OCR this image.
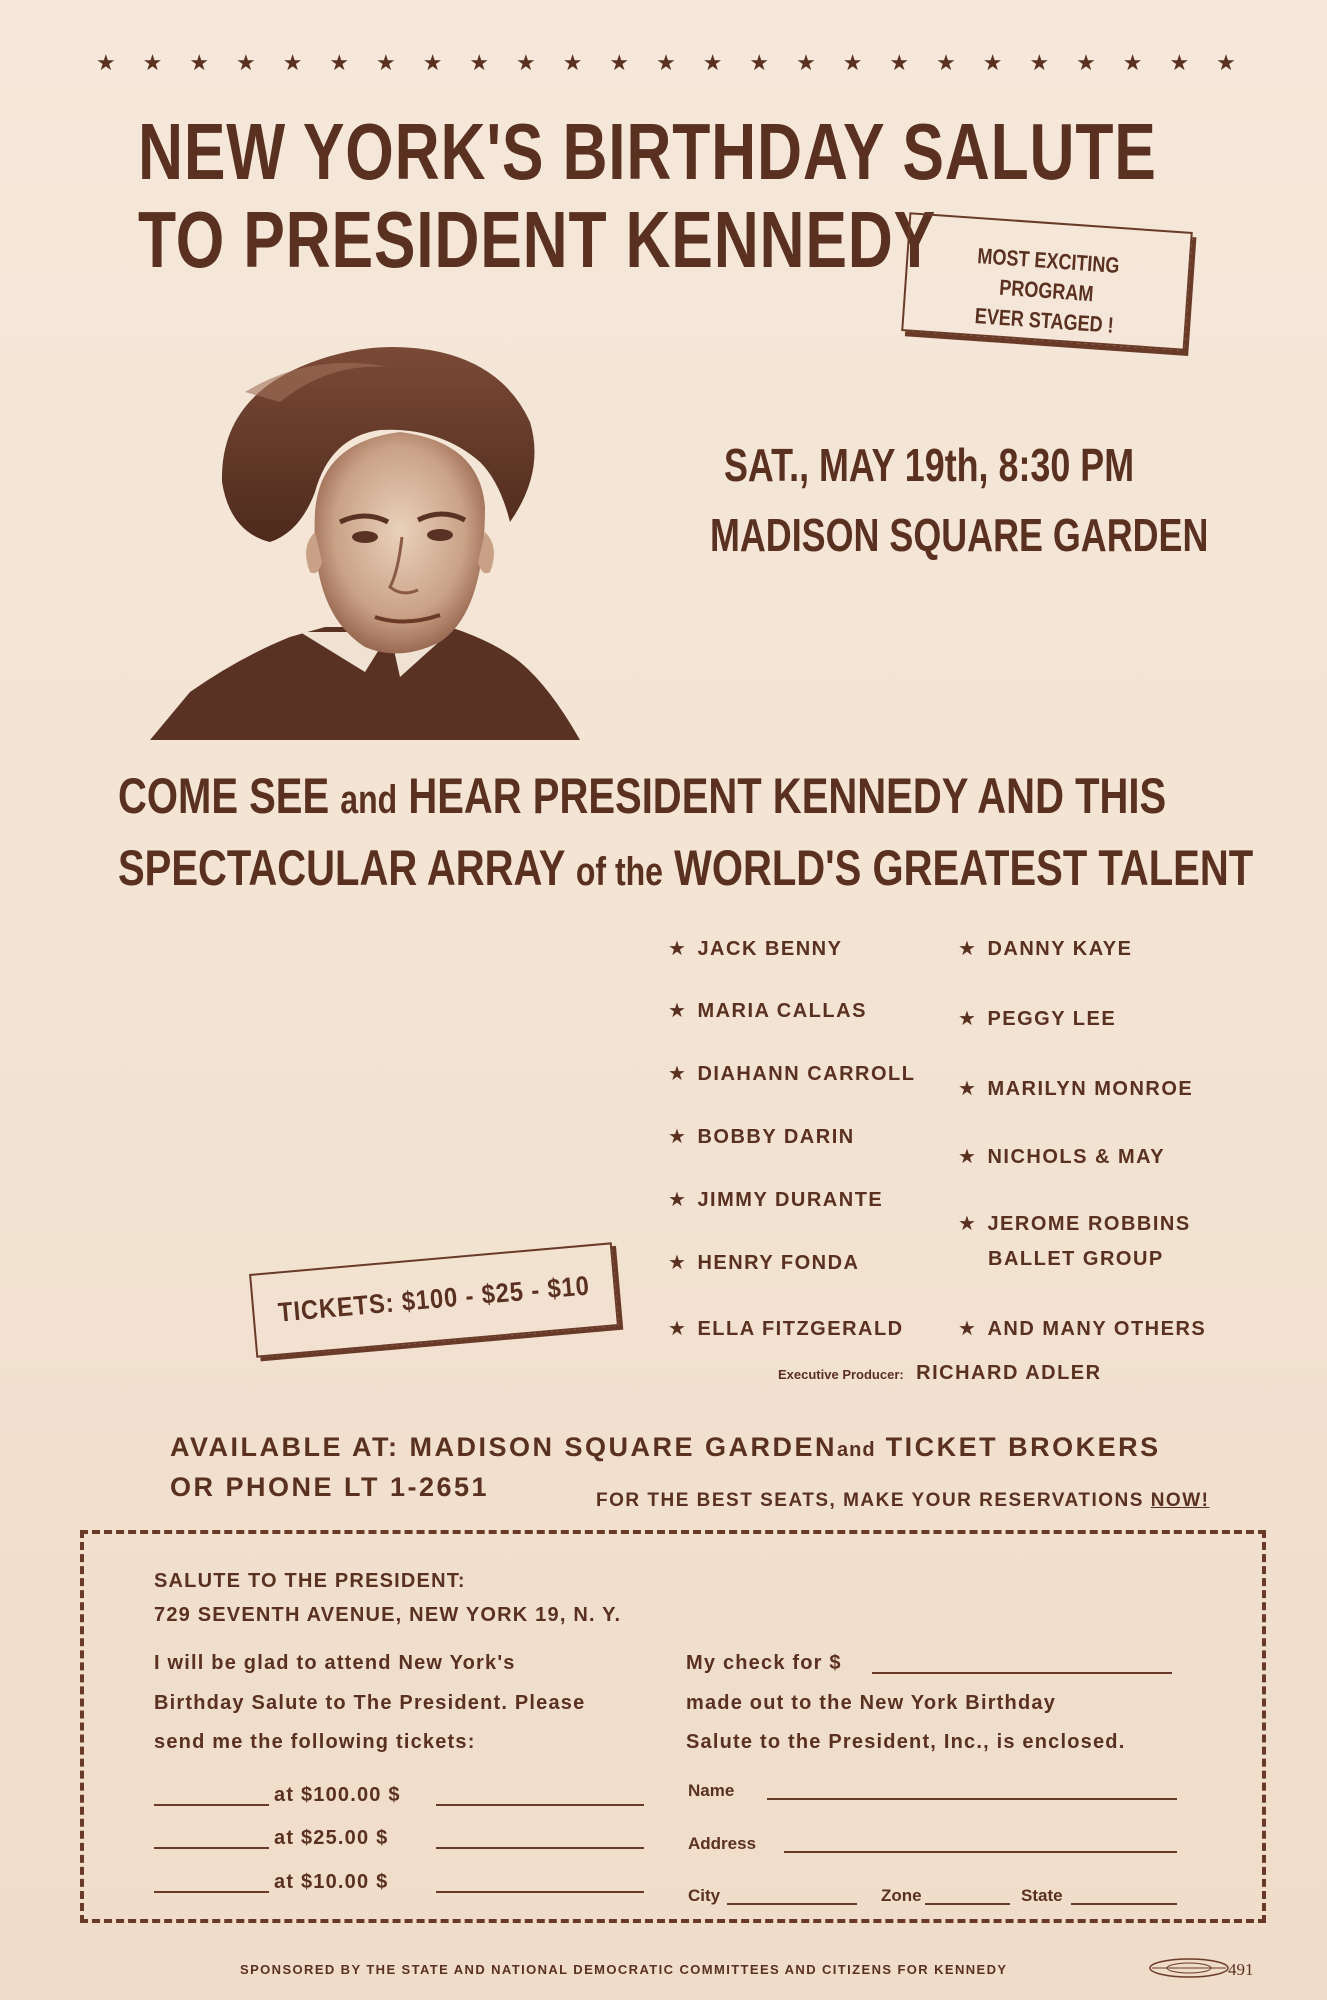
★ ★ ★ ★ ★ ★ ★ ★ ★ ★ ★ ★ ★ ★ ★ ★ ★ ★ ★ ★ ★ ★ ★ ★ ★
NEW YORK'S BIRTHDAY SALUTE
TO PRESIDENT KENNEDY	MOST EXCITING PROGRAM
EVER STAGED !
SAT., MAY 19th, 8:30 PM
MADISON SQUARE GARDEN
COME SEE and HEAR PRESIDENT KENNEDY AND THIS
SPECTACULAR ARRAY of the WORLD'S GREATEST TALENT
★ JACK BENNY
★ MARIA CALLAS
★ DIAHANN CARROLL
★ BOBBY DARIN
★ JIMMY DURANTE
★ HENRY FONDA
★ ELLA FITZGERALD
★ DANNY KAYE
★ PEGGY LEE
★ MARILYN MONROE
★ NICHOLS & MAY
★ JEROME ROBBINS
BALLET GROUP
★ AND MANY OTHERS
TICKETS: $100 - $25 - $10
Executive Producer: RICHARD ADLER
AVAILABLE AT: MADISON SQUARE GARDENand TICKET BROKERS
OR PHONE LT 1-2651	FOR THE BEST SEATS, MAKE YOUR RESERVATIONS NOW!
SALUTE TO THE PRESIDENT:
729 SEVENTH AVENUE, NEW YORK 19, N. Y.
I will be glad to attend New York's
Birthday Salute to The President. Please
send me the following tickets:
at $100.00 $
at $25.00 $
at $10.00 $
My check for $
made out to the New York Birthday
Salute to the President, Inc., is enclosed.
Name
Address
City	Zone	State
SPONSORED BY THE STATE AND NATIONAL DEMOCRATIC COMMITTEES AND CITIZENS FOR KENNEDY	491
